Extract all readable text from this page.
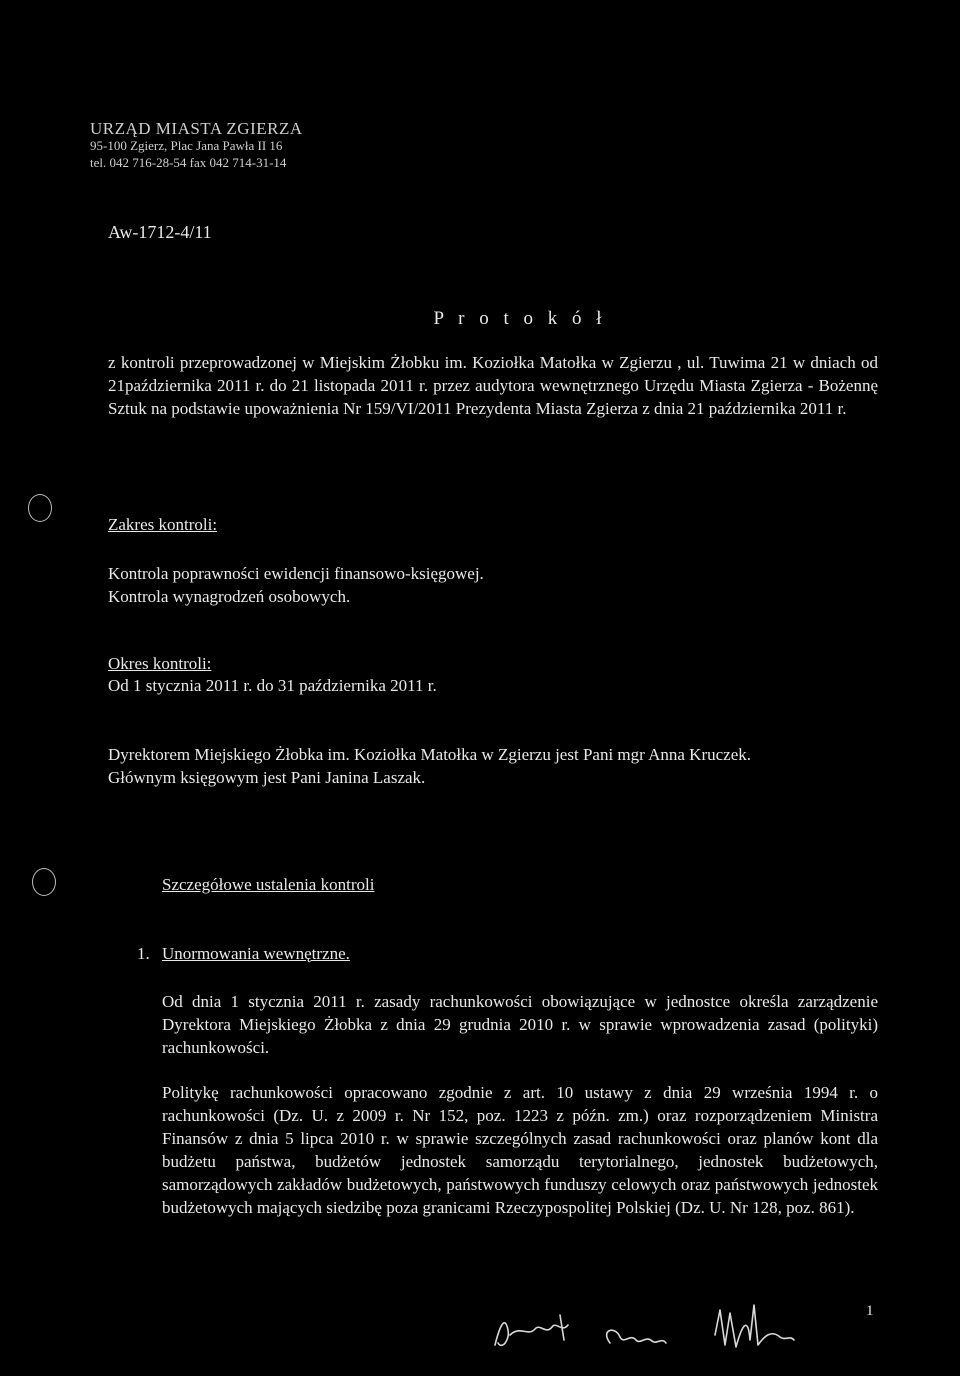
URZĄD MIASTA ZGIERZA
95-100 Zgierz, Plac Jana Pawła II 16
tel. 042 716-28-54 fax 042 714-31-14
Aw-1712-4/11
P r o t o k ó ł
z kontroli przeprowadzonej w Miejskim Żłobku im. Koziołka Matołka w Zgierzu , ul. Tuwima 21 w dniach od 21października 2011 r. do 21 listopada 2011 r. przez audytora wewnętrznego Urzędu Miasta Zgierza - Bożennę Sztuk na podstawie upoważnienia Nr 159/VI/2011 Prezydenta Miasta Zgierza z dnia 21 października 2011 r.
Zakres kontroli:
Kontrola poprawności ewidencji finansowo-księgowej.
Kontrola wynagrodzeń osobowych.
Okres kontroli:
Od 1 stycznia 2011 r. do 31 października 2011 r.
Dyrektorem Miejskiego Żłobka im. Koziołka Matołka w Zgierzu jest Pani mgr Anna Kruczek.
Głównym księgowym jest Pani Janina Laszak.
Szczegółowe ustalenia kontroli
1. Unormowania wewnętrzne.
Od dnia 1 stycznia 2011 r. zasady rachunkowości obowiązujące w jednostce określa zarządzenie Dyrektora Miejskiego Żłobka z dnia 29 grudnia 2010 r. w sprawie wprowadzenia zasad (polityki) rachunkowości.
Politykę rachunkowości opracowano zgodnie z art. 10 ustawy z dnia 29 września 1994 r. o rachunkowości (Dz. U. z 2009 r. Nr 152, poz. 1223 z późn. zm.) oraz rozporządzeniem Ministra Finansów z dnia 5 lipca 2010 r. w sprawie szczególnych zasad rachunkowości oraz planów kont dla budżetu państwa, budżetów jednostek samorządu terytorialnego, jednostek budżetowych, samorządowych zakładów budżetowych, państwowych funduszy celowych oraz państwowych jednostek budżetowych mających siedzibę poza granicami Rzeczypospolitej Polskiej (Dz. U. Nr 128, poz. 861).
1
